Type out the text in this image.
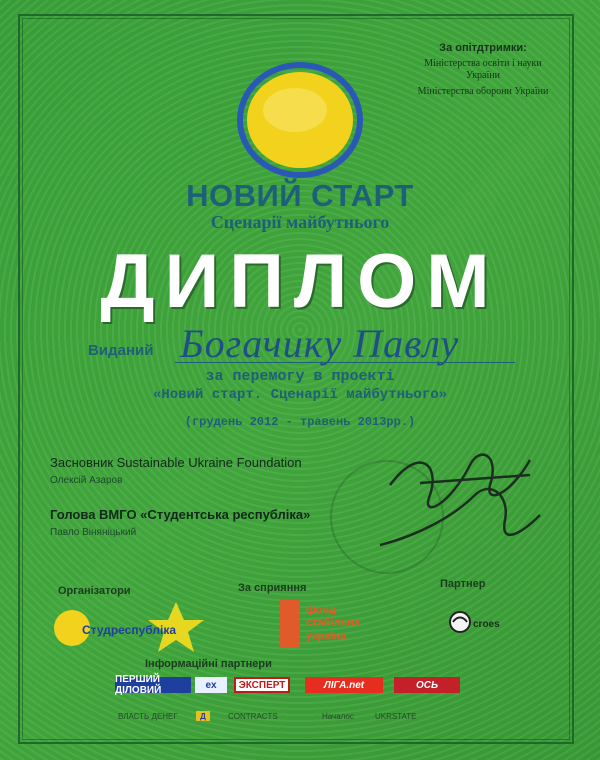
За опітдтримки:
Міністерства освіти і науки України
Міністерства оборони України
НОВИЙ СТАРТ
Сценарії майбутнього
ДИПЛОМ
Виданий Богачику Павлу
за перемогу в проекті
«Новий старт. Сценарії майбутнього»
(грудень 2012 - травень 2013рр.)
Засновник Sustainable Ukraine Foundation
Олексій Азаров
Голова ВМГО «Студентська республіка»
Павло Віняніцький
Організатори
Студреспубліка
За сприяння
фонд
стабільна
україна
Партнер
croes
Інформаційні партнери
ПЕРШИЙ ДІЛОВИЙ	ex	ЭКСПЕРТ	ЛІГА.net	ОСЬ
ВЛАСТЬ ДЕНЕГ	Д	CONTRACTS	Началос	UKRSTATE
